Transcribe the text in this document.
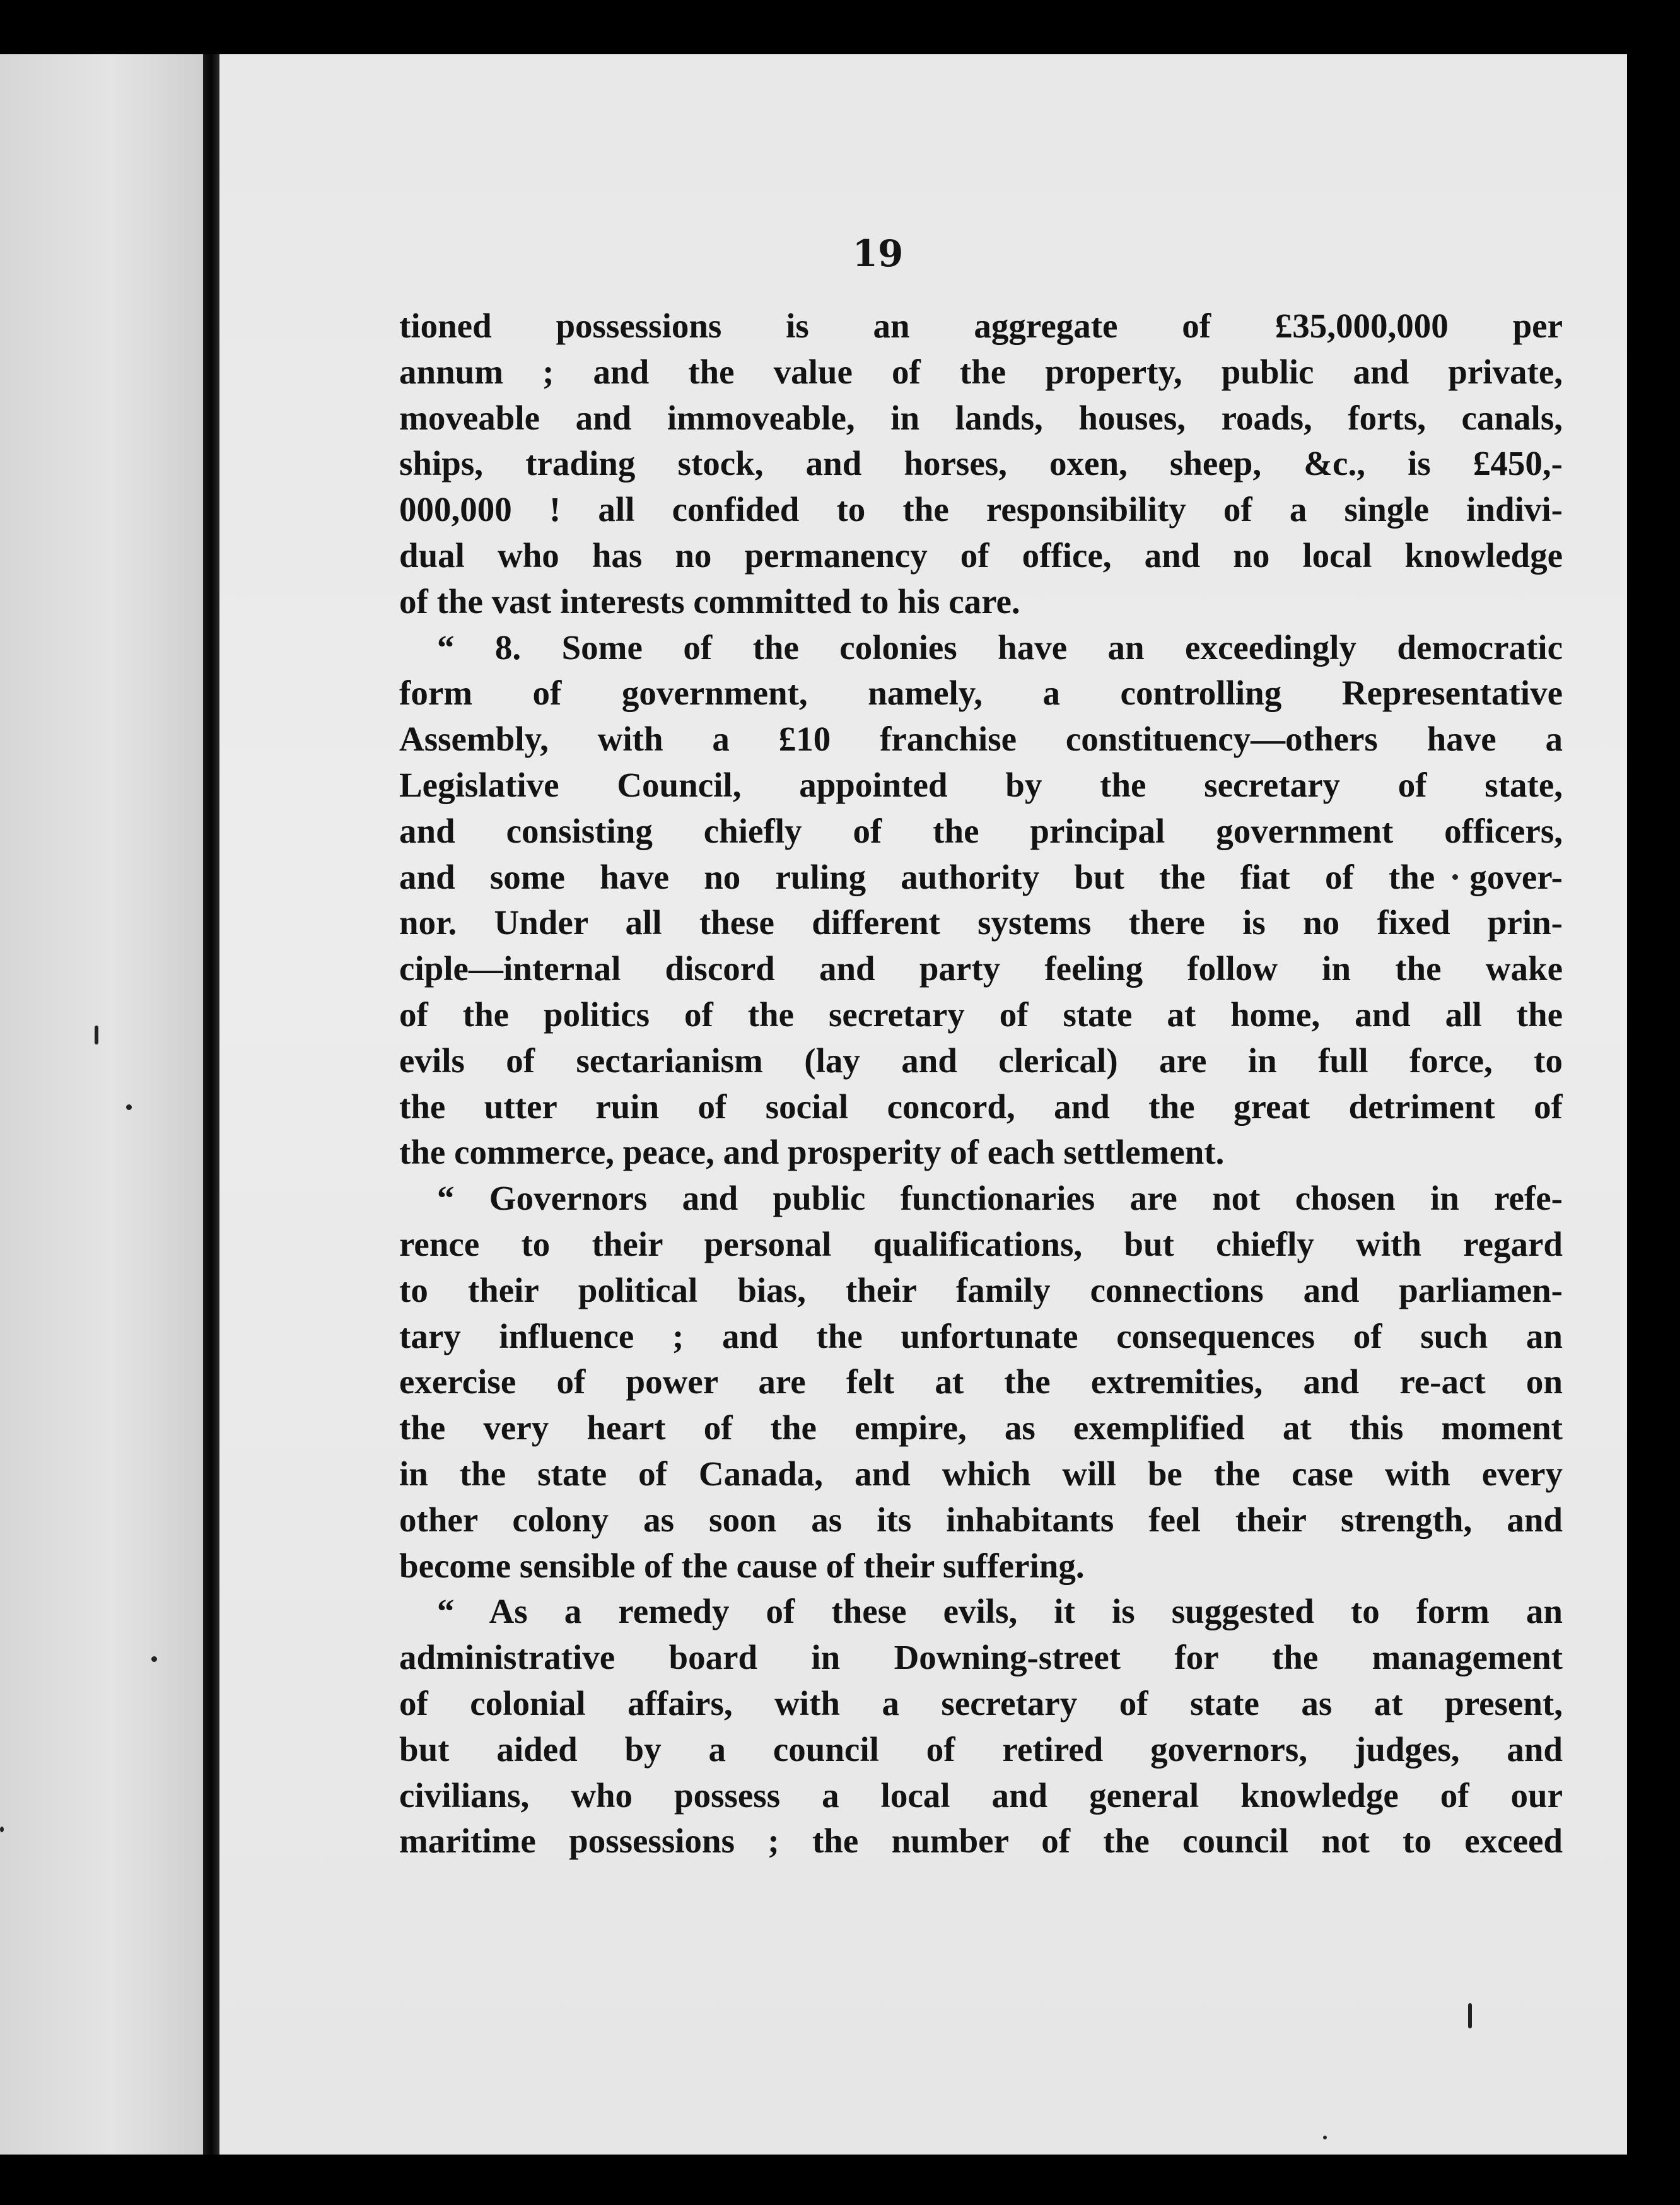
19
tioned possessions is an aggregate of £35,000,000 per
annum ; and the value of the property, public and private,
moveable and immoveable, in lands, houses, roads, forts, canals,
ships, trading stock, and horses, oxen, sheep, &c., is £450,-
000,000 ! all confided to the responsibility of a single indivi-
dual who has no permanency of office, and no local knowledge
of the vast interests committed to his care.
“ 8. Some of the colonies have an exceedingly democratic
form of government, namely, a controlling Representative
Assembly, with a £10 franchise constituency—others have a
Legislative Council, appointed by the secretary of state,
and consisting chiefly of the principal government officers,
and some have no ruling authority but the fiat of the gover-
nor. Under all these different systems there is no fixed prin-
ciple—internal discord and party feeling follow in the wake
of the politics of the secretary of state at home, and all the
evils of sectarianism (lay and clerical) are in full force, to
the utter ruin of social concord, and the great detriment of
the commerce, peace, and prosperity of each settlement.
“ Governors and public functionaries are not chosen in refe-
rence to their personal qualifications, but chiefly with regard
to their political bias, their family connections and parliamen-
tary influence ; and the unfortunate consequences of such an
exercise of power are felt at the extremities, and re-act on
the very heart of the empire, as exemplified at this moment
in the state of Canada, and which will be the case with every
other colony as soon as its inhabitants feel their strength, and
become sensible of the cause of their suffering.
“ As a remedy of these evils, it is suggested to form an
administrative board in Downing-street for the management
of colonial affairs, with a secretary of state as at present,
but aided by a council of retired governors, judges, and
civilians, who possess a local and general knowledge of our
maritime possessions ; the number of the council not to exceed
